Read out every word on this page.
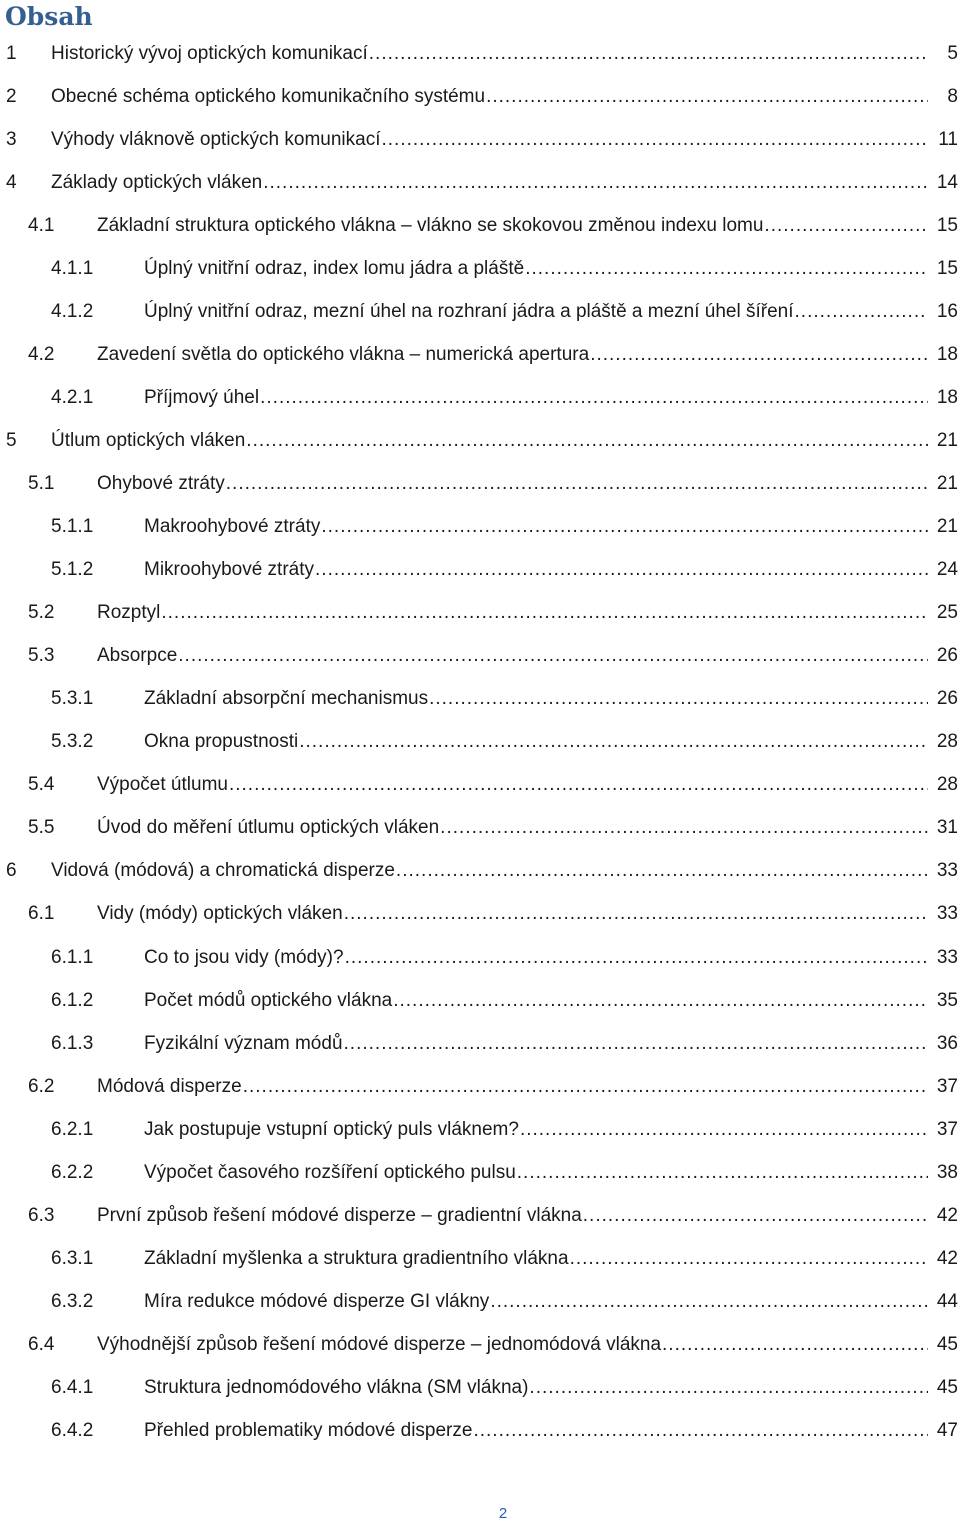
Obsah
1 Historický vývoj optických komunikací .....	5
2 Obecné schéma optického komunikačního systému .....	8
3 Výhody vláknově optických komunikací .....	11
4 Základy optických vláken .....	14
4.1 Základní struktura optického vlákna – vlákno se skokovou změnou indexu lomu .....	15
4.1.1	Úplný vnitřní odraz, index lomu jádra a pláště .....	15
4.1.2	Úplný vnitřní odraz, mezní úhel na rozhraní jádra a pláště a mezní úhel šíření .....	16
4.2 Zavedení světla do optického vlákna – numerická apertura .....	18
4.2.1	Příjmový úhel .....	18
5 Útlum optických vláken .....	21
5.1 Ohybové ztráty .....	21
5.1.1	Makroohybové ztráty .....	21
5.1.2	Mikroohybové ztráty .....	24
5.2 Rozptyl .....	25
5.3 Absorpce .....	26
5.3.1	Základní absorpční mechanismus .....	26
5.3.2	Okna propustnosti .....	28
5.4 Výpočet útlumu .....	28
5.5 Úvod do měření útlumu optických vláken .....	31
6 Vidová (módová) a chromatická disperze .....	33
6.1 Vidy (módy) optických vláken .....	33
6.1.1	Co to jsou vidy (módy)? .....	33
6.1.2	Počet módů optického vlákna .....	35
6.1.3	Fyzikální význam módů .....	36
6.2 Módová disperze .....	37
6.2.1	Jak postupuje vstupní optický puls vláknem? .....	37
6.2.2	Výpočet časového rozšíření optického pulsu .....	38
6.3 První způsob řešení módové disperze – gradientní vlákna .....	42
6.3.1	Základní myšlenka a struktura gradientního vlákna .....	42
6.3.2	Míra redukce módové disperze GI vlákny .....	44
6.4 Výhodnější způsob řešení módové disperze – jednomódová vlákna .....	45
6.4.1	Struktura jednomódového vlákna (SM vlákna) .....	45
6.4.2	Přehled problematiky módové disperze .....	47
2
